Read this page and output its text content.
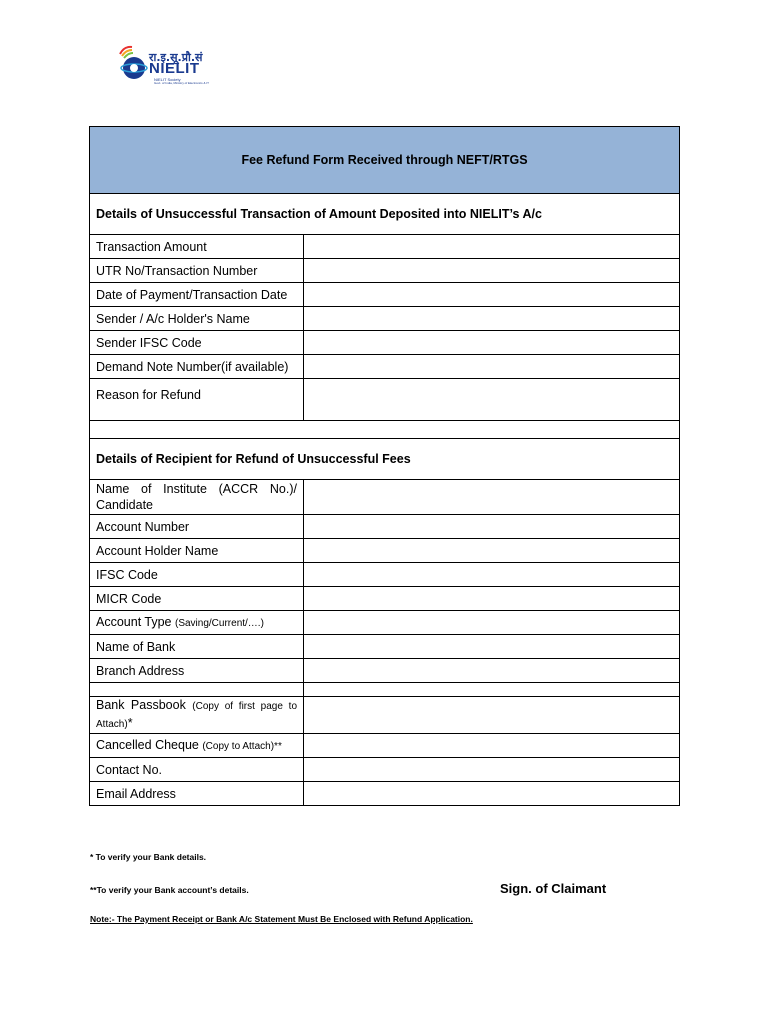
रा.इ.सू.प्रौ.सं
NIELIT
NIELIT Society
Govt. of India, Ministry of Electronics & IT
Fee Refund Form Received through NEFT/RTGS	
Details of Unsuccessful Transaction of Amount Deposited into NIELIT’s A/c	
Transaction Amount	
UTR No/Transaction Number	
Date of Payment/Transaction Date	
Sender / A/c Holder's Name	
Sender IFSC Code	
Demand Note Number(if available)	
Reason for Refund	

Details of Recipient for Refund of Unsuccessful Fees	
Name of Institute (ACCR No.)/ Candidate	
Account Number	
Account Holder Name	
IFSC Code	
MICR Code	
Account Type (Saving/Current/….)	
Name of Bank	
Branch Address	

Bank Passbook (Copy of first page to Attach)*	
Cancelled Cheque (Copy to Attach)**	
Contact No.	
Email Address	
* To verify your Bank details.
**To verify your Bank account’s details.	Sign. of Claimant
Note:- The Payment Receipt or Bank A/c Statement Must Be Enclosed with Refund Application.
